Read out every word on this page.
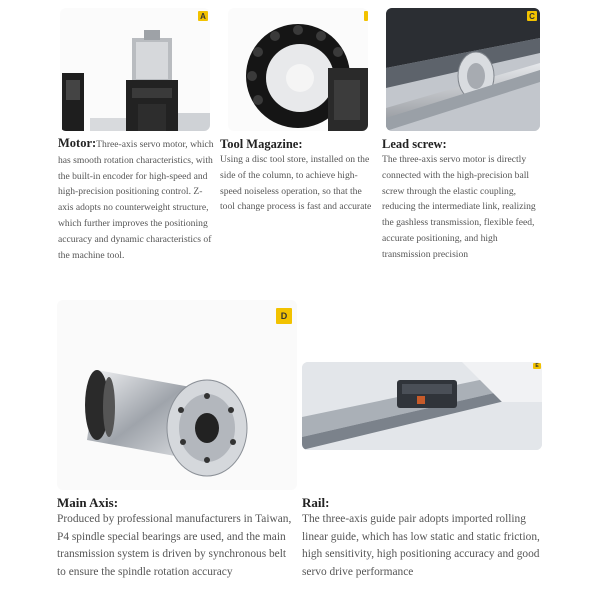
A
Motor:Three-axis servo motor, which has smooth rotation characteristics, with the built-in encoder for high-speed and high-precision positioning control. Z-axis adopts no counterweight structure, which further improves the positioning accuracy and dynamic characteristics of the machine tool.
Tool Magazine:
Using a disc tool store, installed on the side of the column, to achieve high-speed noiseless operation, so that the tool change process is fast and accurate
C
Lead screw:
The three-axis servo motor is directly connected with the high-precision ball screw through the elastic coupling, reducing the intermediate link, realizing the gashless transmission, flexible feed, accurate positioning, and high transmission precision
D
Main Axis:
Produced by professional manufacturers in Taiwan, P4 spindle special bearings are used, and the main transmission system is driven by synchronous belt to ensure the spindle rotation accuracy
E
Rail:
The three-axis guide pair adopts imported rolling linear guide, which has low static and static friction, high sensitivity, high positioning accuracy and good servo drive performance
